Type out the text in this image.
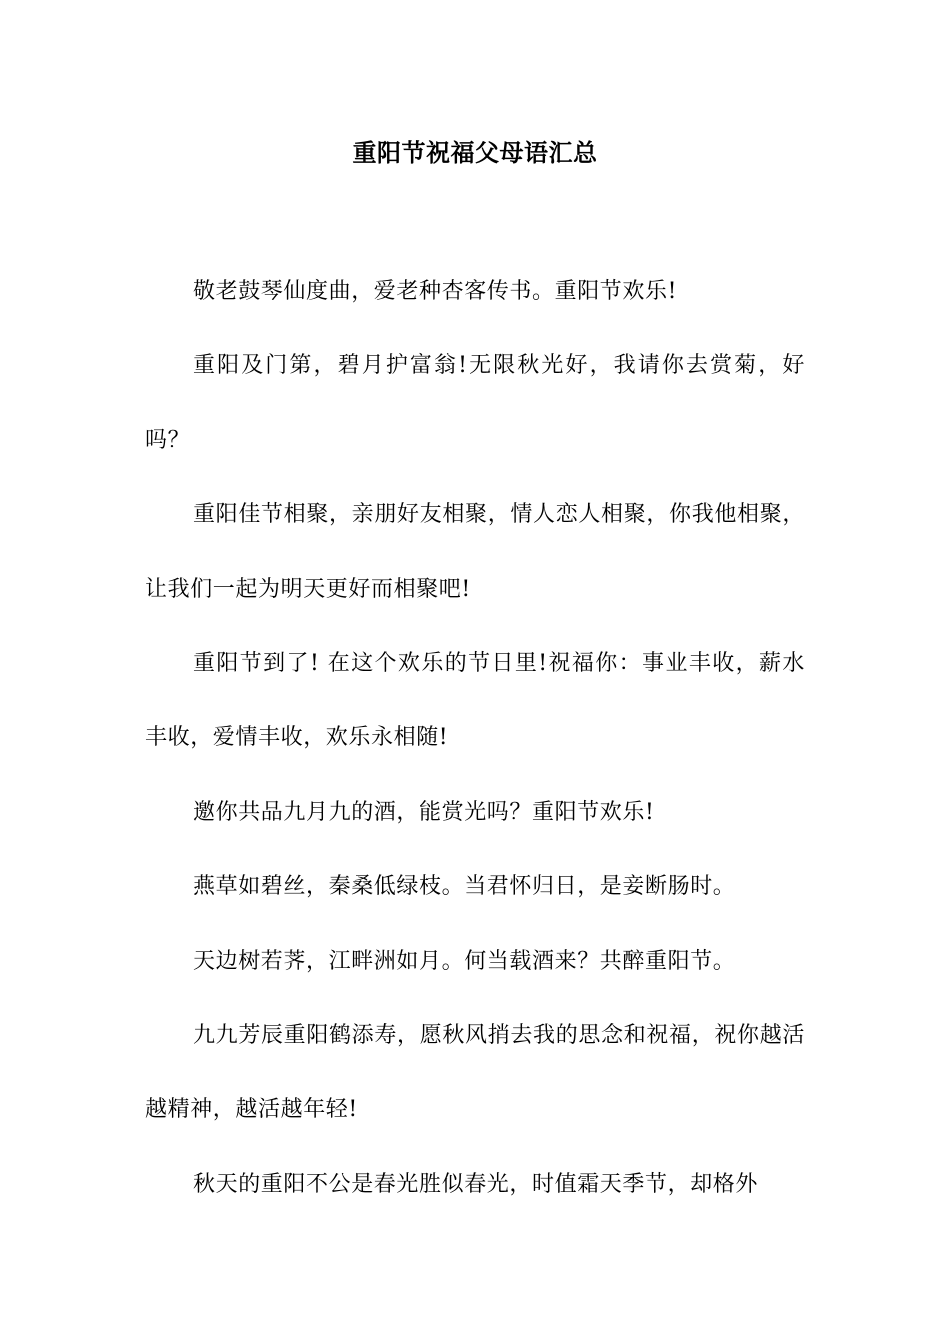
重阳节祝福父母语汇总

敬老鼓琴仙度曲，爱老种杏客传书。重阳节欢乐!

重阳及门第，碧月护富翁!无限秋光好，我请你去赏菊，好吗？

重阳佳节相聚，亲朋好友相聚，情人恋人相聚，你我他相聚，让我们一起为明天更好而相聚吧!

重阳节到了! 在这个欢乐的节日里!祝福你：事业丰收，薪水丰收，爱情丰收，欢乐永相随!

邀你共品九月九的酒，能赏光吗？重阳节欢乐!

燕草如碧丝，秦桑低绿枝。当君怀归日，是妾断肠时。

天边树若荠，江畔洲如月。何当载酒来？共醉重阳节。

九九芳辰重阳鹤添寿，愿秋风捎去我的思念和祝福，祝你越活越精神，越活越年轻!

秋天的重阳不公是春光胜似春光，时值霜天季节，却格外
